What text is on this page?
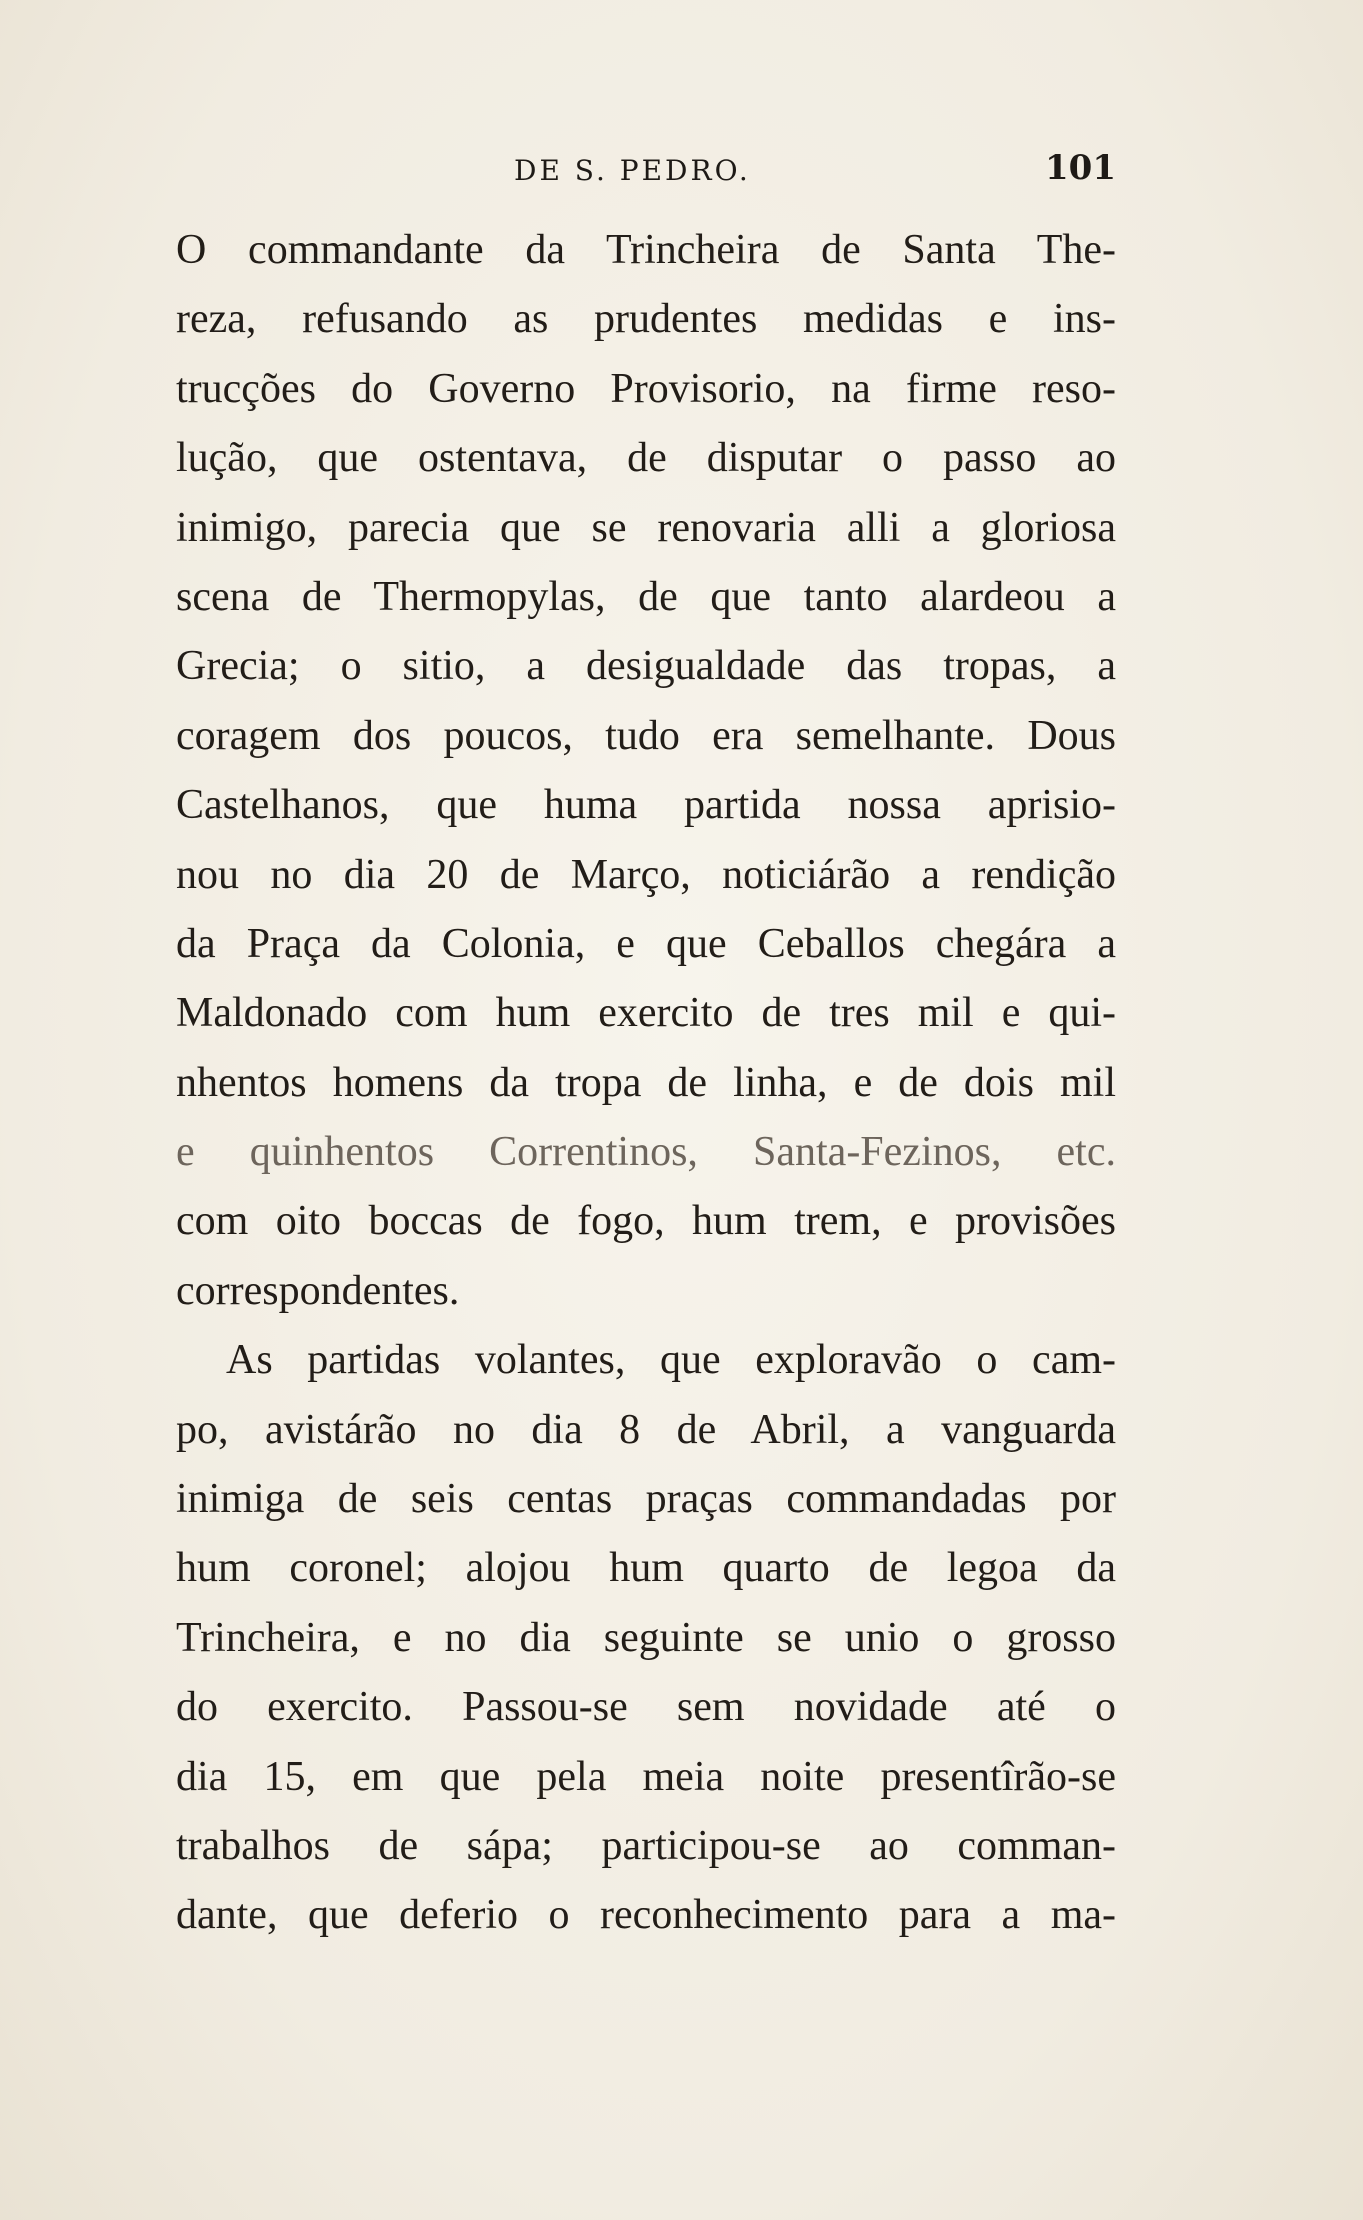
DE S. PEDRO.	101
O commandante da Trincheira de Santa The-
reza, refusando as prudentes medidas e ins-
trucções do Governo Provisorio, na firme reso-
lução, que ostentava, de disputar o passo ao
inimigo, parecia que se renovaria alli a gloriosa
scena de Thermopylas, de que tanto alardeou a
Grecia; o sitio, a desigualdade das tropas, a
coragem dos poucos, tudo era semelhante. Dous
Castelhanos, que huma partida nossa aprisio-
nou no dia 20 de Março, noticiárão a rendição
da Praça da Colonia, e que Ceballos chegára a
Maldonado com hum exercito de tres mil e qui-
nhentos homens da tropa de linha, e de dois mil
e quinhentos Correntinos, Santa-Fezinos, etc.
com oito boccas de fogo, hum trem, e provisões
correspondentes.
As partidas volantes, que exploravão o cam-
po, avistárão no dia 8 de Abril, a vanguarda
inimiga de seis centas praças commandadas por
hum coronel; alojou hum quarto de legoa da
Trincheira, e no dia seguinte se unio o grosso
do exercito. Passou-se sem novidade até o
dia 15, em que pela meia noite presentîrão-se
trabalhos de sápa; participou-se ao comman-
dante, que deferio o reconhecimento para a ma-
